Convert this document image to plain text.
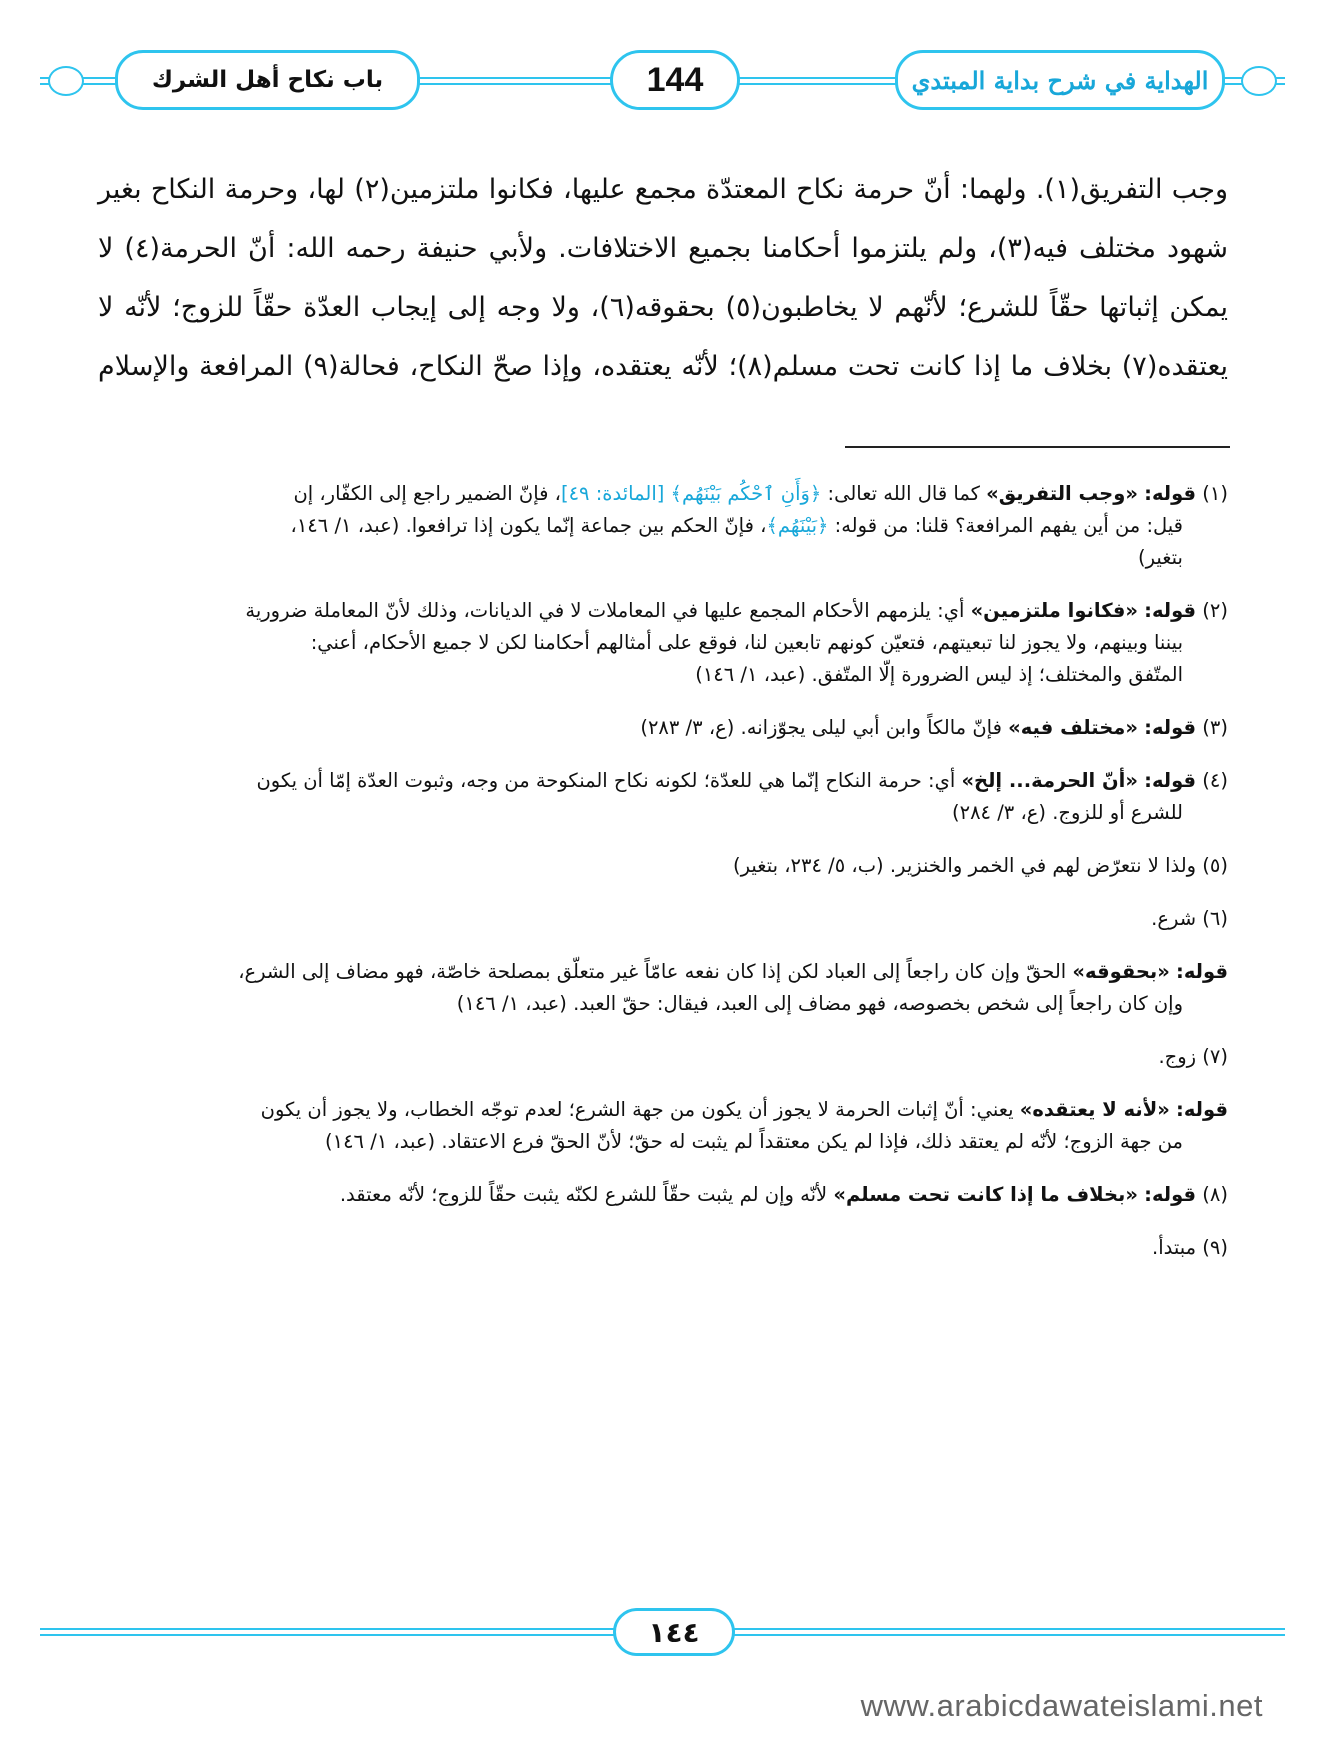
الهداية في شرح بداية المبتدي
144
باب نكاح أهل الشرك

وجب التفريق(١). ولهما: أنّ حرمة نكاح المعتدّة مجمع عليها، فكانوا ملتزمين(٢) لها، وحرمة النكاح بغير

شهود مختلف فيه(٣)، ولم يلتزموا أحكامنا بجميع الاختلافات. ولأبي حنيفة رحمه الله: أنّ الحرمة(٤) لا

يمكن إثباتها حقّاً للشرع؛ لأنّهم لا يخاطبون(٥) بحقوقه(٦)، ولا وجه إلى إيجاب العدّة حقّاً للزوج؛ لأنّه لا

يعتقده(٧) بخلاف ما إذا كانت تحت مسلم(٨)؛ لأنّه يعتقده، وإذا صحّ النكاح، فحالة(٩) المرافعة والإسلام

(١) قوله: «وجب التفريق» كما قال الله تعالى: ﴿وَأَنِ ٱحْكُم بَيْنَهُم﴾ [المائدة: ٤٩]، فإنّ الضمير راجع إلى الكفّار، إن
قيل: من أين يفهم المرافعة؟ قلنا: من قوله: ﴿بَيْنَهُم﴾، فإنّ الحكم بين جماعة إنّما يكون إذا ترافعوا. (عبد، ١/ ١٤٦،
بتغير)
(٢) قوله: «فكانوا ملتزمين» أي: يلزمهم الأحكام المجمع عليها في المعاملات لا في الديانات، وذلك لأنّ المعاملة ضرورية
بيننا وبينهم، ولا يجوز لنا تبعيتهم، فتعيّن كونهم تابعين لنا، فوقع على أمثالهم أحكامنا لكن لا جميع الأحكام، أعني:
المتّفق والمختلف؛ إذ ليس الضرورة إلّا المتّفق. (عبد، ١/ ١٤٦)
(٣) قوله: «مختلف فيه» فإنّ مالكاً وابن أبي ليلى يجوّزانه. (ع، ٣/ ٢٨٣)
(٤) قوله: «أنّ الحرمة... إلخ» أي: حرمة النكاح إنّما هي للعدّة؛ لكونه نكاح المنكوحة من وجه، وثبوت العدّة إمّا أن يكون
للشرع أو للزوج. (ع، ٣/ ٢٨٤)
(٥) ولذا لا نتعرّض لهم في الخمر والخنزير. (ب، ٥/ ٢٣٤، بتغير)
(٦) شرع.
قوله: «بحقوقه» الحقّ وإن كان راجعاً إلى العباد لكن إذا كان نفعه عامّاً غير متعلّق بمصلحة خاصّة، فهو مضاف إلى الشرع،
وإن كان راجعاً إلى شخص بخصوصه، فهو مضاف إلى العبد، فيقال: حقّ العبد. (عبد، ١/ ١٤٦)
(٧) زوج.
قوله: «لأنه لا يعتقده» يعني: أنّ إثبات الحرمة لا يجوز أن يكون من جهة الشرع؛ لعدم توجّه الخطاب، ولا يجوز أن يكون
من جهة الزوج؛ لأنّه لم يعتقد ذلك، فإذا لم يكن معتقداً لم يثبت له حقّ؛ لأنّ الحقّ فرع الاعتقاد. (عبد، ١/ ١٤٦)
(٨) قوله: «بخلاف ما إذا كانت تحت مسلم» لأنّه وإن لم يثبت حقّاً للشرع لكنّه يثبت حقّاً للزوج؛ لأنّه معتقد.
(٩) مبتدأ.
١٤٤
www.arabicdawateislami.net
